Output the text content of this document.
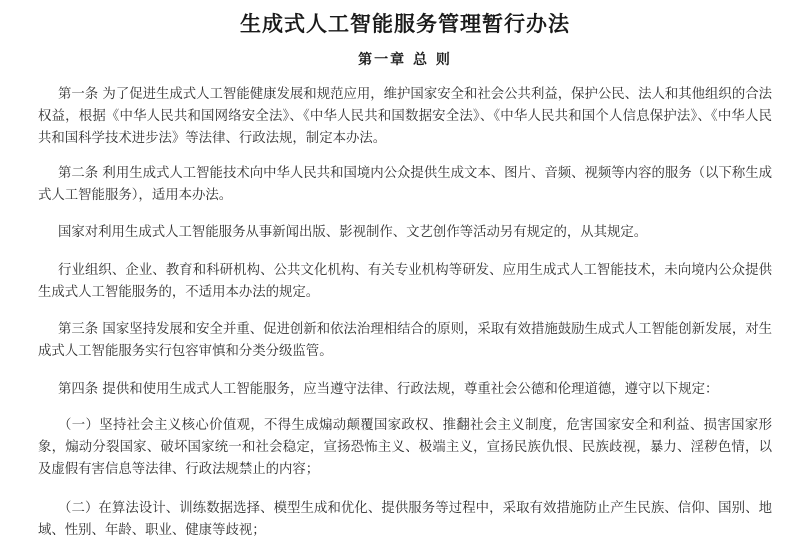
生成式人工智能服务管理暂行办法
第一章 总 则

第一条 为了促进生成式人工智能健康发展和规范应用，维护国家安全和社会公共利益，保护公民、法人和其他组织的合法权益，根据《中华人民共和国网络安全法》、《中华人民共和国数据安全法》、《中华人民共和国个人信息保护法》、《中华人民共和国科学技术进步法》等法律、行政法规，制定本办法。

第二条 利用生成式人工智能技术向中华人民共和国境内公众提供生成文本、图片、音频、视频等内容的服务（以下称生成式人工智能服务），适用本办法。

国家对利用生成式人工智能服务从事新闻出版、影视制作、文艺创作等活动另有规定的，从其规定。

行业组织、企业、教育和科研机构、公共文化机构、有关专业机构等研发、应用生成式人工智能技术，未向境内公众提供生成式人工智能服务的，不适用本办法的规定。

第三条 国家坚持发展和安全并重、促进创新和依法治理相结合的原则，采取有效措施鼓励生成式人工智能创新发展，对生成式人工智能服务实行包容审慎和分类分级监管。

第四条 提供和使用生成式人工智能服务，应当遵守法律、行政法规，尊重社会公德和伦理道德，遵守以下规定：

（一）坚持社会主义核心价值观，不得生成煽动颠覆国家政权、推翻社会主义制度，危害国家安全和利益、损害国家形象，煽动分裂国家、破坏国家统一和社会稳定，宣扬恐怖主义、极端主义，宣扬民族仇恨、民族歧视，暴力、淫秽色情，以及虚假有害信息等法律、行政法规禁止的内容；

（二）在算法设计、训练数据选择、模型生成和优化、提供服务等过程中，采取有效措施防止产生民族、信仰、国别、地域、性别、年龄、职业、健康等歧视；
